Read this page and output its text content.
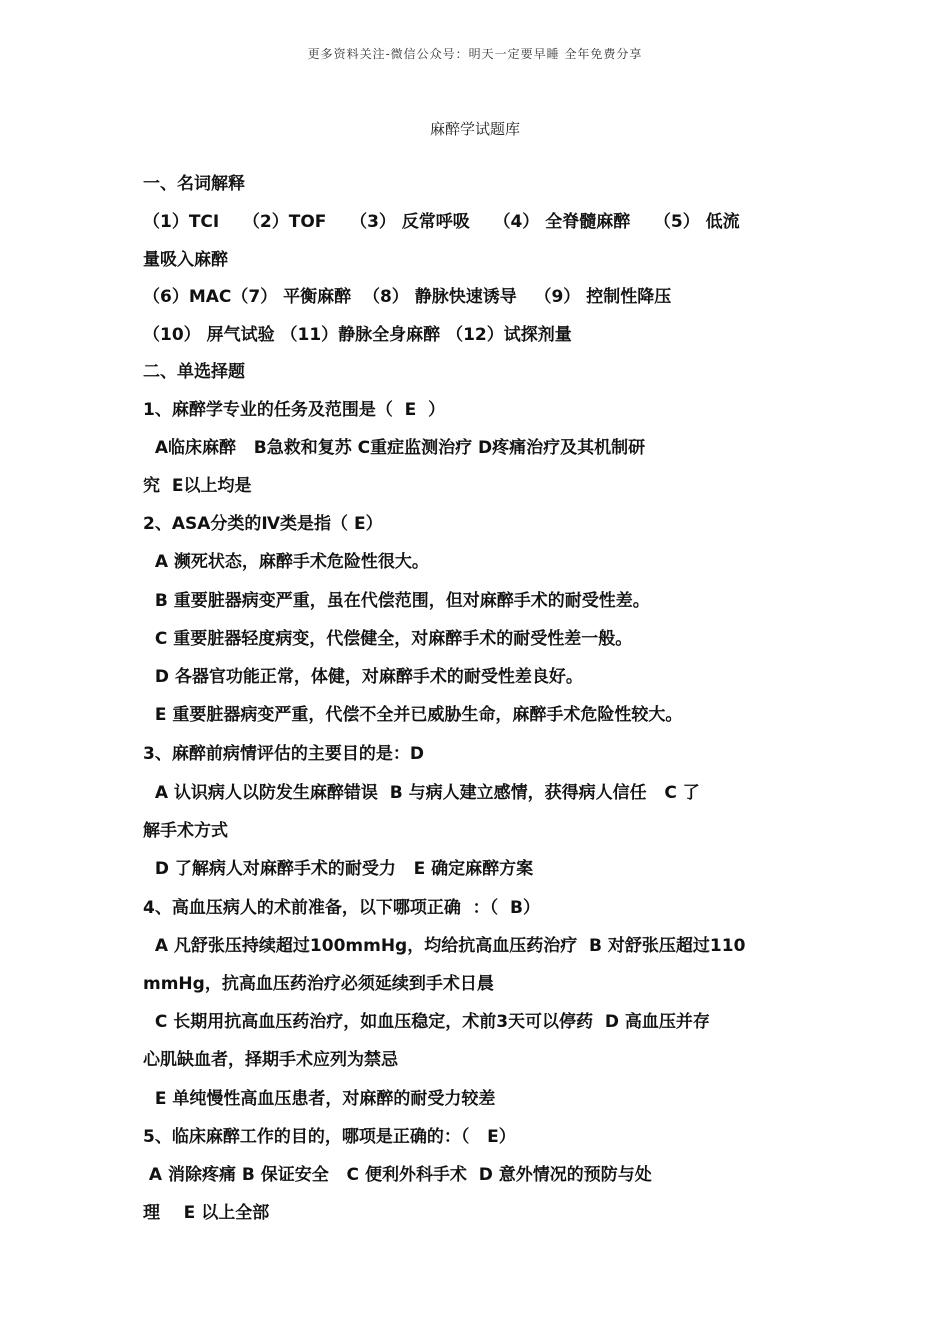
更多资料关注-微信公众号：明天一定要早睡 全年免费分享
麻醉学试题库
一、名词解释
（1）TCI    （2）TOF    （3） 反常呼吸    （4） 全脊髓麻醉    （5） 低流
量吸入麻醉
（6）MAC（7） 平衡麻醉  （8） 静脉快速诱导   （9） 控制性降压
（10） 屏气试验 （11）静脉全身麻醉 （12）试探剂量
二、单选择题
1、麻醉学专业的任务及范围是（  E  ）
A临床麻醉   B急救和复苏 C重症监测治疗 D疼痛治疗及其机制研
究  E以上均是
2、ASA分类的Ⅳ类是指（ E）
A 濒死状态，麻醉手术危险性很大。
B 重要脏器病变严重，虽在代偿范围，但对麻醉手术的耐受性差。
C 重要脏器轻度病变，代偿健全，对麻醉手术的耐受性差一般。
D 各器官功能正常，体健，对麻醉手术的耐受性差良好。
E 重要脏器病变严重，代偿不全并已威胁生命，麻醉手术危险性较大。
3、麻醉前病情评估的主要目的是：D
A 认识病人以防发生麻醉错误  B 与病人建立感情，获得病人信任   C 了
解手术方式
D 了解病人对麻醉手术的耐受力   E 确定麻醉方案
4、高血压病人的术前准备，以下哪项正确  ：（  B）
A 凡舒张压持续超过100mmHg，均给抗高血压药治疗  B 对舒张压超过110
mmHg，抗高血压药治疗必须延续到手术日晨
C 长期用抗高血压药治疗，如血压稳定，术前3天可以停药  D 高血压并存
心肌缺血者，择期手术应列为禁忌
E 单纯慢性高血压患者，对麻醉的耐受力较差
5、临床麻醉工作的目的，哪项是正确的：（   E）
A 消除疼痛 B 保证安全   C 便利外科手术  D 意外情况的预防与处
理    E 以上全部
